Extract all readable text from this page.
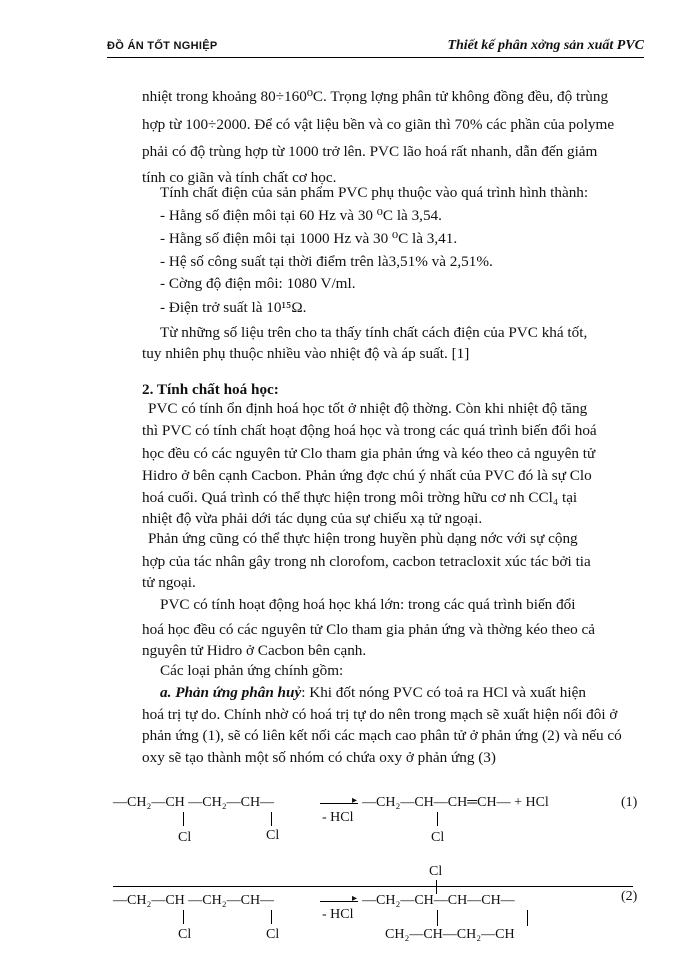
ĐỒ ÁN TỐT NGHIỆP	Thiết kế phân xởng sản xuất PVC
nhiệt trong khoảng 80÷160⁰C. Trọng lợng phân tử không đồng đều, độ trùng
hợp từ 100÷2000. Để có vật liệu bền và co giãn thì 70% các phần của polyme
phải có độ trùng hợp từ 1000 trở lên. PVC lão hoá rất nhanh, dẫn đến giảm
tính co giãn và tính chất cơ học.
Tính chất điện của sản phẩm PVC phụ thuộc vào quá trình hình thành:
- Hằng số điện môi tại 60 Hz và 30 ⁰C là 3,54.
- Hằng số điện môi tại 1000 Hz và 30 ⁰C là 3,41.
- Hệ số công suất tại thời điểm trên là3,51% và 2,51%.
- Cờng độ điện môi: 1080 V/ml.
- Điện trở suất là 10¹⁵Ω.
Từ những số liệu trên cho ta thấy tính chất cách điện của PVC khá tốt,
tuy nhiên phụ thuộc nhiều vào nhiệt độ và áp suất. [1]
2. Tính chất hoá học:
PVC có tính ổn định hoá học tốt ở nhiệt độ thờng. Còn khi nhiệt độ tăng
thì PVC có tính chất hoạt động hoá học và trong các quá trình biến đổi hoá
học đều có các nguyên tử Clo tham gia phản ứng và kéo theo cả nguyên tử
Hidro ở bên cạnh Cacbon. Phản ứng đợc chú ý nhất của PVC đó là sự Clo
hoá cuối. Quá trình có thể thực hiện trong môi trờng hữu cơ nh CCl₄ tại
nhiệt độ vừa phải dới tác dụng của sự chiếu xạ tử ngoại.
Phản ứng cũng có thể thực hiện trong huyền phù dạng nớc với sự cộng
hợp của tác nhân gây trong nh clorofom, cacbon tetracloxit xúc tác bởi tia
tử ngoại.
PVC có tính hoạt động hoá học khá lớn: trong các quá trình biến đổi
hoá học đều có các nguyên tử Clo tham gia phản ứng và thờng kéo theo cả
nguyên tử Hidro ở Cacbon bên cạnh.
Các loại phản ứng chính gồm:
a. Phản ứng phân huỷ: Khi đốt nóng PVC có toả ra HCl và xuất hiện
hoá trị tự do. Chính nhờ có hoá trị tự do nên trong mạch sẽ xuất hiện nối đôi ở
phản ứng (1), sẽ có liên kết nối các mạch cao phân tử ở phản ứng (2) và nếu có
oxy sẽ tạo thành một số nhóm có chứa oxy ở phản ứng (3)
—CH₂—CH —CH₂—CH—	▸
- HCl
—CH₂—CH—CH═CH— + HCl	(1)
Cl	Cl	Cl
Cl
—CH₂—CH —CH₂—CH—	▸
- HCl
—CH₂—CH—CH—CH—	(2)
Cl	Cl	CH₂—CH—CH₂—CH
